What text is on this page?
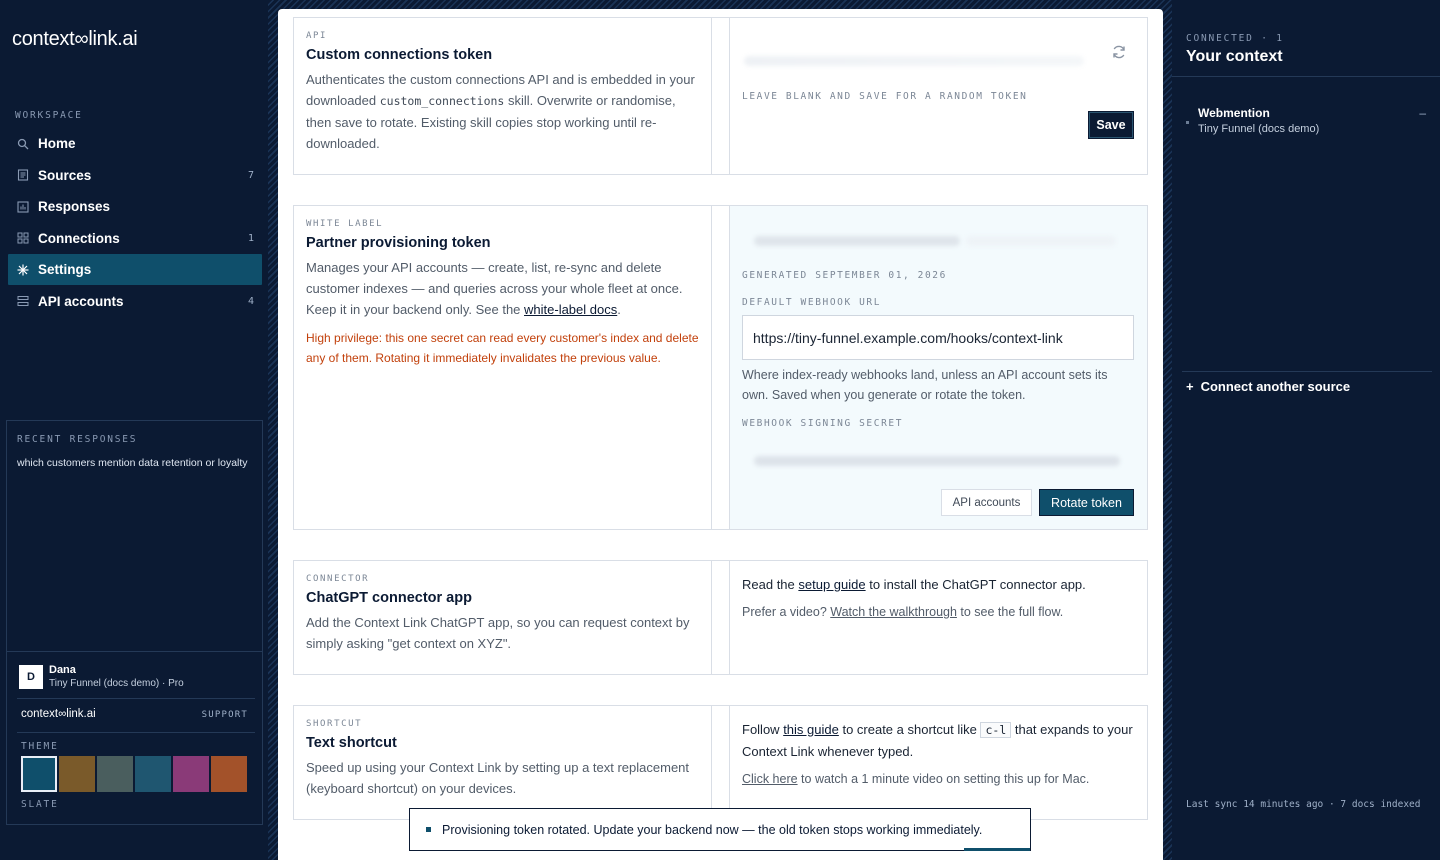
context∞link.ai
WORKSPACE
Home
Sources	7
Responses
Connections	1
Settings
API accounts	4
RECENT RESPONSES
which customers mention data retention or loyalty
D
Dana
Tiny Funnel (docs demo) · Pro
context∞link.ai	SUPPORT
THEME
SLATE
API
Custom connections token

Authenticates the custom connections API and is embedded in your downloaded custom_connections skill. Overwrite or randomise, then save to rotate. Existing skill copies stop working until re-downloaded.

LEAVE BLANK AND SAVE FOR A RANDOM TOKEN
Save
WHITE LABEL
Partner provisioning token

Manages your API accounts — create, list, re-sync and delete customer indexes — and queries across your whole fleet at once. Keep it in your backend only. See the white-label docs.

High privilege: this one secret can read every customer's index and delete any of them. Rotating it immediately invalidates the previous value.

GENERATED SEPTEMBER 01, 2026
DEFAULT WEBHOOK URL
https://tiny-funnel.example.com/hooks/context-link
Where index-ready webhooks land, unless an API account sets its own. Saved when you generate or rotate the token.
WEBHOOK SIGNING SECRET
API accounts	Rotate token
CONNECTOR
ChatGPT connector app

Add the Context Link ChatGPT app, so you can request context by simply asking "get context on XYZ".

Read the setup guide to install the ChatGPT connector app.
Prefer a video? Watch the walkthrough to see the full flow.
SHORTCUT
Text shortcut

Speed up using your Context Link by setting up a text replacement (keyboard shortcut) on your devices.

Follow this guide to create a shortcut like c-l that expands to your Context Link whenever typed.
Click here to watch a 1 minute video on setting this up for Mac.
Provisioning token rotated. Update your backend now — the old token stops working immediately.
CONNECTED · 1
Your context
Webmention
Tiny Funnel (docs demo)
–
+ Connect another source
Last sync 14 minutes ago · 7 docs indexed
